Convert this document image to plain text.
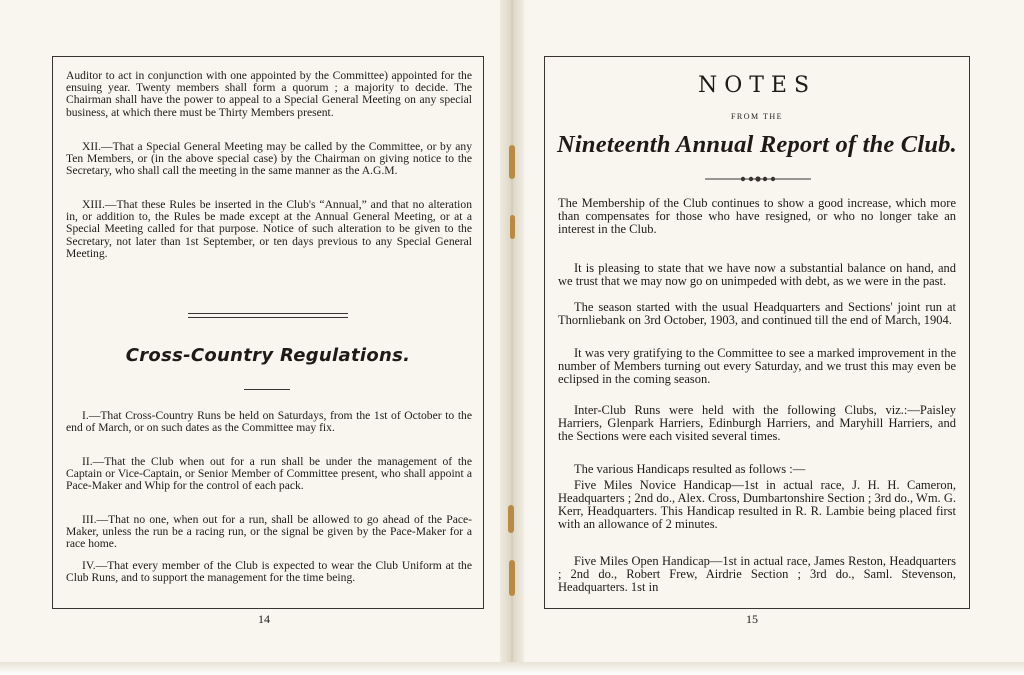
Auditor to act in conjunction with one appointed by the Committee) appointed for the ensuing year. Twenty members shall form a quorum ; a majority to decide. The Chairman shall have the power to appeal to a Special General Meeting on any special business, at which there must be Thirty Members present.

XII.—That a Special General Meeting may be called by the Committee, or by any Ten Members, or (in the above special case) by the Chairman on giving notice to the Secretary, who shall call the meeting in the same manner as the A.G.M.

XIII.—That these Rules be inserted in the Club's “Annual,” and that no alteration in, or addition to, the Rules be made except at the Annual General Meeting, or at a Special Meeting called for that purpose. Notice of such alteration to be given to the Secretary, not later than 1st September, or ten days previous to any Special General Meeting.

Cross-Country Regulations.

I.—That Cross-Country Runs be held on Saturdays, from the 1st of October to the end of March, or on such dates as the Committee may fix.

II.—That the Club when out for a run shall be under the management of the Captain or Vice-Captain, or Senior Member of Committee present, who shall appoint a Pace-Maker and Whip for the control of each pack.

III.—That no one, when out for a run, shall be allowed to go ahead of the Pace-Maker, unless the run be a racing run, or the signal be given by the Pace-Maker for a race home.

IV.—That every member of the Club is expected to wear the Club Uniform at the Club Runs, and to support the management for the time being.

14
NOTES
FROM THE
Nineteenth Annual Report of the Club.

The Membership of the Club continues to show a good increase, which more than compensates for those who have resigned, or who no longer take an interest in the Club.

It is pleasing to state that we have now a substantial balance on hand, and we trust that we may now go on unimpeded with debt, as we were in the past.

The season started with the usual Headquarters and Sections' joint run at Thornliebank on 3rd October, 1903, and continued till the end of March, 1904.

It was very gratifying to the Committee to see a marked improvement in the number of Members turning out every Saturday, and we trust this may even be eclipsed in the coming season.

Inter-Club Runs were held with the following Clubs, viz.:—Paisley Harriers, Glenpark Harriers, Edinburgh Harriers, and Maryhill Harriers, and the Sections were each visited several times.

The various Handicaps resulted as follows :—

Five Miles Novice Handicap—1st in actual race, J. H. H. Cameron, Headquarters ; 2nd do., Alex. Cross, Dumbartonshire Section ; 3rd do., Wm. G. Kerr, Headquarters. This Handicap resulted in R. R. Lambie being placed first with an allowance of 2 minutes.

Five Miles Open Handicap—1st in actual race, James Reston, Headquarters ; 2nd do., Robert Frew, Airdrie Section ; 3rd do., Saml. Stevenson, Headquarters. 1st in

15
